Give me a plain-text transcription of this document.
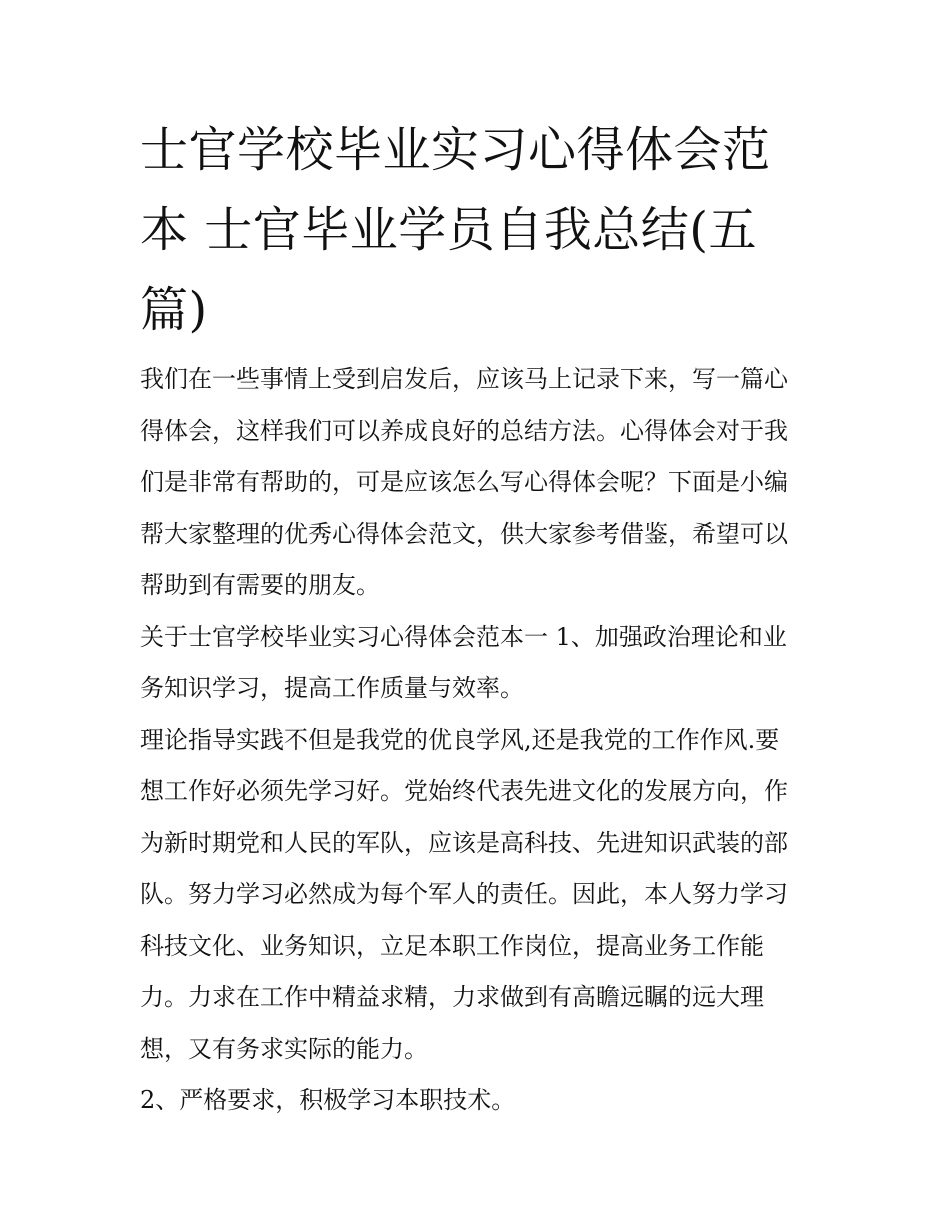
士官学校毕业实习心得体会范
本 士官毕业学员自我总结(五
篇)

我们在一些事情上受到启发后，应该马上记录下来，写一篇心
得体会，这样我们可以养成良好的总结方法。心得体会对于我
们是非常有帮助的，可是应该怎么写心得体会呢？下面是小编
帮大家整理的优秀心得体会范文，供大家参考借鉴，希望可以
帮助到有需要的朋友。

关于士官学校毕业实习心得体会范本一 1、加强政治理论和业
务知识学习，提高工作质量与效率。

理论指导实践不但是我党的优良学风,还是我党的工作作风.要
想工作好必须先学习好。党始终代表先进文化的发展方向，作
为新时期党和人民的军队，应该是高科技、先进知识武装的部
队。努力学习必然成为每个军人的责任。因此，本人努力学习
科技文化、业务知识，立足本职工作岗位，提高业务工作能
力。力求在工作中精益求精，力求做到有高瞻远瞩的远大理
想，又有务求实际的能力。

2、严格要求，积极学习本职技术。
